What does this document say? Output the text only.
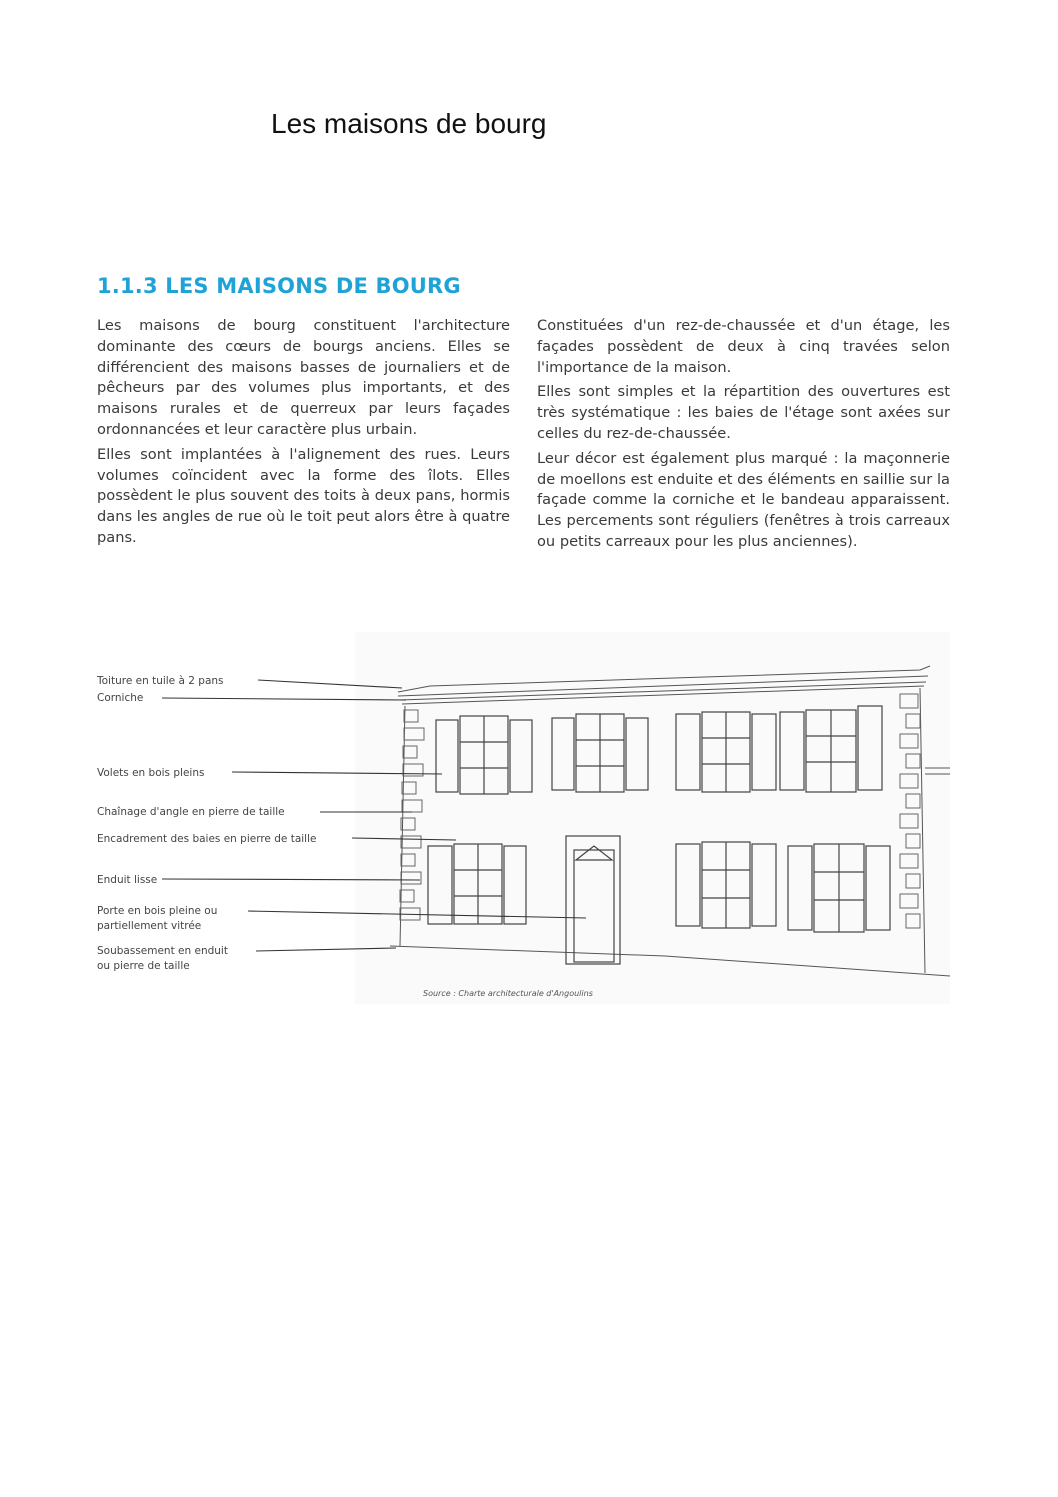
Les maisons de bourg
1.1.3 LES MAISONS DE BOURG

Les maisons de bourg constituent l'architecture dominante des cœurs de bourgs anciens. Elles se différencient des maisons basses de journaliers et de pêcheurs par des volumes plus importants, et des maisons rurales et de querreux par leurs façades ordonnancées et leur caractère plus urbain.

Elles sont implantées à l'alignement des rues. Leurs volumes coïncident avec la forme des îlots. Elles possèdent le plus souvent des toits à deux pans, hormis dans les angles de rue où le toit peut alors être à quatre pans.

Constituées d'un rez-de-chaussée et d'un étage, les façades possèdent de deux à cinq travées selon l'importance de la maison.

Elles sont simples et la répartition des ouvertures est très systématique : les baies de l'étage sont axées sur celles du rez-de-chaussée.

Leur décor est également plus marqué : la maçonnerie de moellons est enduite et des éléments en saillie sur la façade comme la corniche et le bandeau apparaissent. Les percements sont réguliers (fenêtres à trois carreaux ou petits carreaux pour les plus anciennes).

Toiture en tuile à 2 pans
Corniche
Volets en bois pleins
Chaînage d'angle en pierre de taille
Encadrement des baies en pierre de taille
Enduit lisse
Porte en bois pleine ou
partiellement vitrée
Soubassement en enduit
ou pierre de taille
Source : Charte architecturale d'Angoulins
